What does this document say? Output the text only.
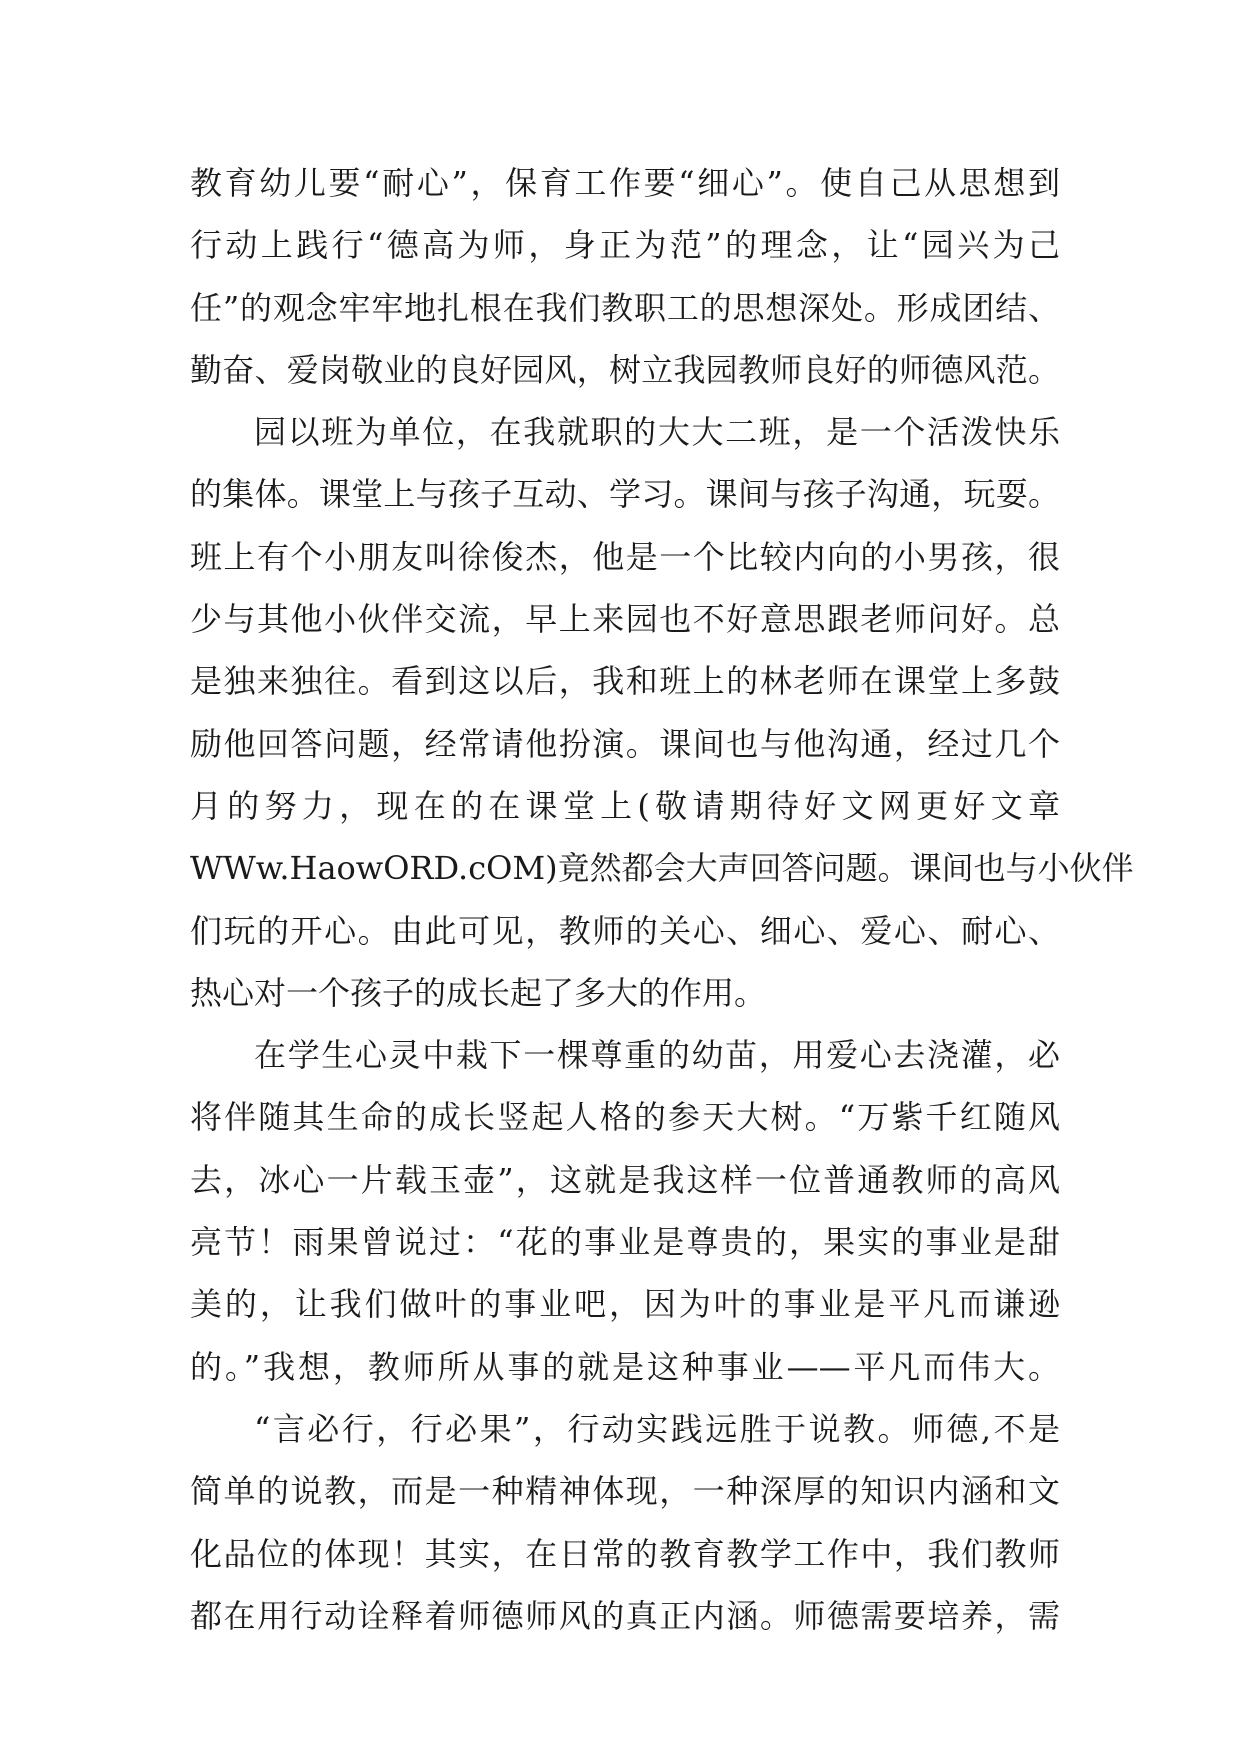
教育幼儿要“耐心”，保育工作要“细心”。使自己从思想到
行动上践行“德高为师，身正为范”的理念，让“园兴为己
任”的观念牢牢地扎根在我们教职工的思想深处。形成团结、
勤奋、爱岗敬业的良好园风，树立我园教师良好的师德风范。
园以班为单位，在我就职的大大二班，是一个活泼快乐
的集体。课堂上与孩子互动、学习。课间与孩子沟通，玩耍。
班上有个小朋友叫徐俊杰，他是一个比较内向的小男孩，很
少与其他小伙伴交流，早上来园也不好意思跟老师问好。总
是独来独往。看到这以后，我和班上的林老师在课堂上多鼓
励他回答问题，经常请他扮演。课间也与他沟通，经过几个
月的努力，现在的在课堂上(敬请期待好文网更好文章
WWw.HaowORD.cOM)竟然都会大声回答问题。课间也与小伙伴
们玩的开心。由此可见，教师的关心、细心、爱心、耐心、
热心对一个孩子的成长起了多大的作用。
在学生心灵中栽下一棵尊重的幼苗，用爱心去浇灌，必
将伴随其生命的成长竖起人格的参天大树。“万紫千红随风
去，冰心一片载玉壶”，这就是我这样一位普通教师的高风
亮节！雨果曾说过：“花的事业是尊贵的，果实的事业是甜
美的，让我们做叶的事业吧，因为叶的事业是平凡而谦逊
的。”我想，教师所从事的就是这种事业——平凡而伟大。
“言必行，行必果”，行动实践远胜于说教。师德,不是
简单的说教，而是一种精神体现，一种深厚的知识内涵和文
化品位的体现！其实，在日常的教育教学工作中，我们教师
都在用行动诠释着师德师风的真正内涵。师德需要培养，需
